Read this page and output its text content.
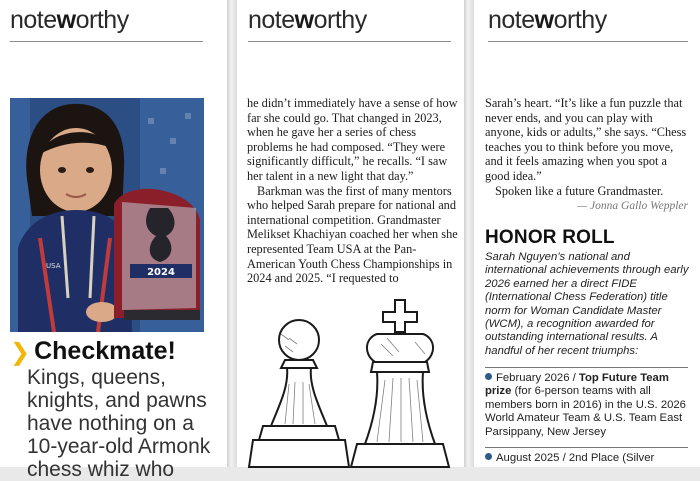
noteworthy
2024
USA
❯ Checkmate!
Kings, queens, knights, and pawns have nothing on a 10-year-old Armonk chess whiz who
noteworthy

he didn’t immediately have a sense of how far she could go. That changed in 2023, when he gave her a series of chess problems he had composed. “They were significantly difficult,” he recalls. “I saw her talent in a new light that day.”

Barkman was the first of many mentors who helped Sarah prepare for national and international competition. Grandmaster Melikset Khachiyan coached her when she represented Team USA at the Pan-American Youth Chess Championships in 2024 and 2025. “I requested to

noteworthy

Sarah’s heart. “It’s like a fun puzzle that never ends, and you can play with anyone, kids or adults,” she says. “Chess teaches you to think before you move, and it feels amazing when you spot a good idea.”

Spoken like a future Grandmaster.

— Jonna Gallo Weppler
HONOR ROLL
Sarah Nguyen’s national and international achievements through early 2026 earned her a direct FIDE (International Chess Federation) title norm for Woman Candidate Master (WCM), a recognition awarded for outstanding international results. A handful of her recent triumphs:
February 2026 / Top Future Team prize (for 6-person teams with all members born in 2016) in the U.S. 2026 World Amateur Team & U.S. Team East Parsippany, New Jersey
August 2025 / 2nd Place (Silver
